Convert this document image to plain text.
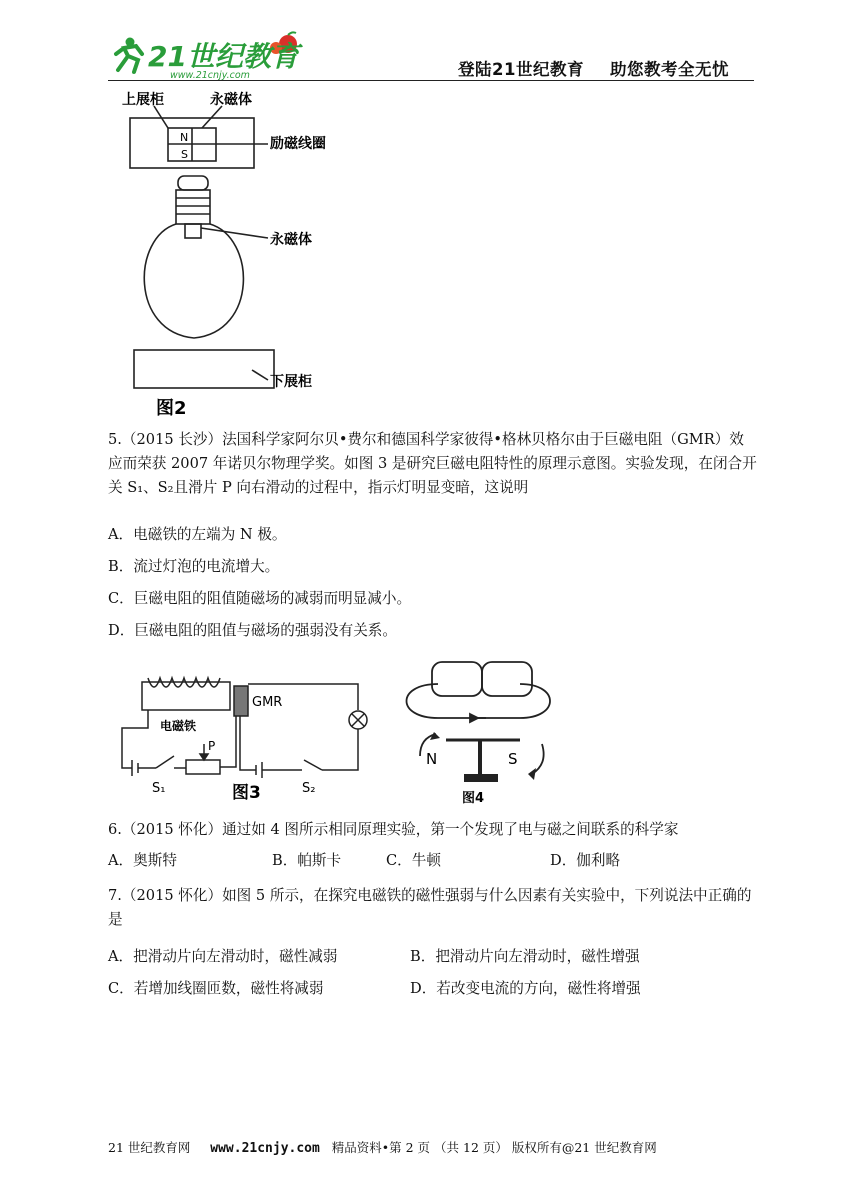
21世纪教育
www.21cnjy.com	登陆21世纪教育 助您教考全无忧
上展柜	永磁体
N
S
励磁线圈
永磁体
下展柜
图2
5.（2015 长沙）法国科学家阿尔贝•费尔和德国科学家彼得•格林贝格尔由于巨磁电阻（GMR）效应而荣获 2007 年诺贝尔物理学奖。如图 3 是研究巨磁电阻特性的原理示意图。实验发现，在闭合开关 S₁、S₂且滑片 P 向右滑动的过程中，指示灯明显变暗，这说明
A．电磁铁的左端为 N 极。
B．流过灯泡的电流增大。
C．巨磁电阻的阻值随磁场的减弱而明显减小。
D．巨磁电阻的阻值与磁场的强弱没有关系。
GMR
电磁铁
P
S₁	S₂
图3
N	S
图4
6.（2015 怀化）通过如 4 图所示相同原理实验，第一个发现了电与磁之间联系的科学家
A．奥斯特	B．帕斯卡	C．牛顿	D．伽利略
7.（2015 怀化）如图 5 所示，在探究电磁铁的磁性强弱与什么因素有关实验中，下列说法中正确的是
A．把滑动片向左滑动时，磁性减弱	B．把滑动片向左滑动时，磁性增强
C．若增加线圈匝数，磁性将减弱	D．若改变电流的方向，磁性将增强
21 世纪教育网 www.21cnjy.com 精品资料•第 2 页 （共 12 页） 版权所有@21 世纪教育网
